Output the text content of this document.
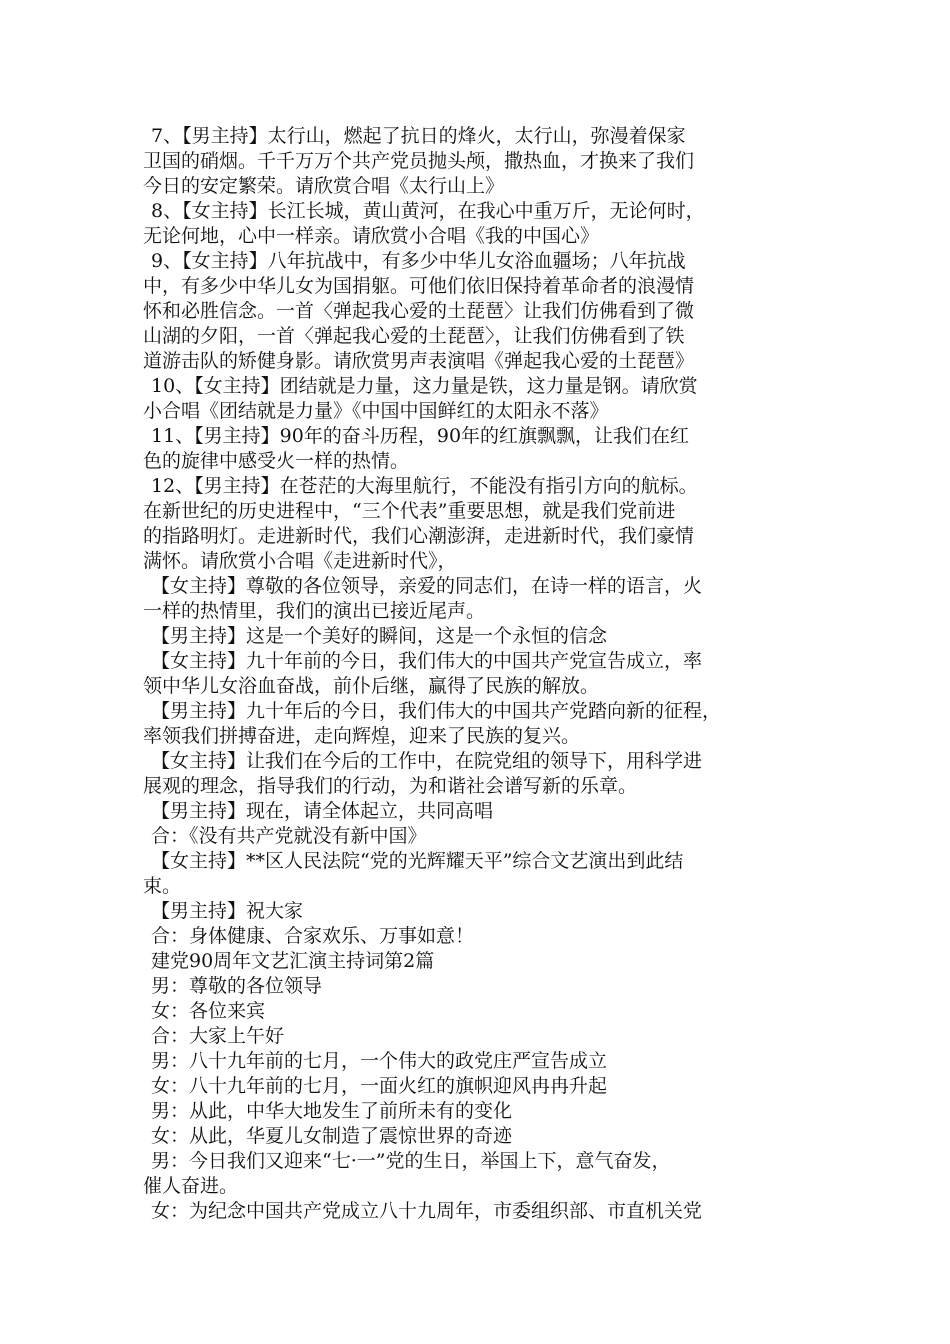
7、【男主持】太行山，燃起了抗日的烽火，太行山，弥漫着保家
卫国的硝烟。千千万万个共产党员抛头颅，撒热血，才换来了我们
今日的安定繁荣。请欣赏合唱《太行山上》
8、【女主持】长江长城，黄山黄河，在我心中重万斤，无论何时，
无论何地，心中一样亲。请欣赏小合唱《我的中国心》
9、【女主持】八年抗战中，有多少中华儿女浴血疆场；八年抗战
中，有多少中华儿女为国捐躯。可他们依旧保持着革命者的浪漫情
怀和必胜信念。一首〈弹起我心爱的土琵琶〉让我们仿佛看到了微
山湖的夕阳，一首〈弹起我心爱的土琵琶〉，让我们仿佛看到了铁
道游击队的矫健身影。请欣赏男声表演唱《弹起我心爱的土琵琶》
10、【女主持】团结就是力量，这力量是铁，这力量是钢。请欣赏
小合唱《团结就是力量》《中国中国鲜红的太阳永不落》
11、【男主持】90年的奋斗历程，90年的红旗飘飘，让我们在红
色的旋律中感受火一样的热情。
12、【男主持】在苍茫的大海里航行，不能没有指引方向的航标。
在新世纪的历史进程中，“三个代表”重要思想，就是我们党前进
的指路明灯。走进新时代，我们心潮澎湃，走进新时代，我们豪情
满怀。请欣赏小合唱《走进新时代》，
【女主持】尊敬的各位领导，亲爱的同志们，在诗一样的语言，火
一样的热情里，我们的演出已接近尾声。
【男主持】这是一个美好的瞬间，这是一个永恒的信念
【女主持】九十年前的今日，我们伟大的中国共产党宣告成立，率
领中华儿女浴血奋战，前仆后继，赢得了民族的解放。
【男主持】九十年后的今日，我们伟大的中国共产党踏向新的征程，
率领我们拼搏奋进，走向辉煌，迎来了民族的复兴。
【女主持】让我们在今后的工作中，在院党组的领导下，用科学进
展观的理念，指导我们的行动，为和谐社会谱写新的乐章。
【男主持】现在，请全体起立，共同高唱
合：《没有共产党就没有新中国》
【女主持】**区人民法院“党的光辉耀天平”综合文艺演出到此结
束。
【男主持】祝大家
合：身体健康、合家欢乐、万事如意！
建党90周年文艺汇演主持词第2篇
男：尊敬的各位领导
女：各位来宾
合：大家上午好
男：八十九年前的七月，一个伟大的政党庄严宣告成立
女：八十九年前的七月，一面火红的旗帜迎风冉冉升起
男：从此，中华大地发生了前所未有的变化
女：从此，华夏儿女制造了震惊世界的奇迹
男：今日我们又迎来“七·一”党的生日，举国上下，意气奋发，
催人奋进。
女：为纪念中国共产党成立八十九周年，市委组织部、市直机关党
